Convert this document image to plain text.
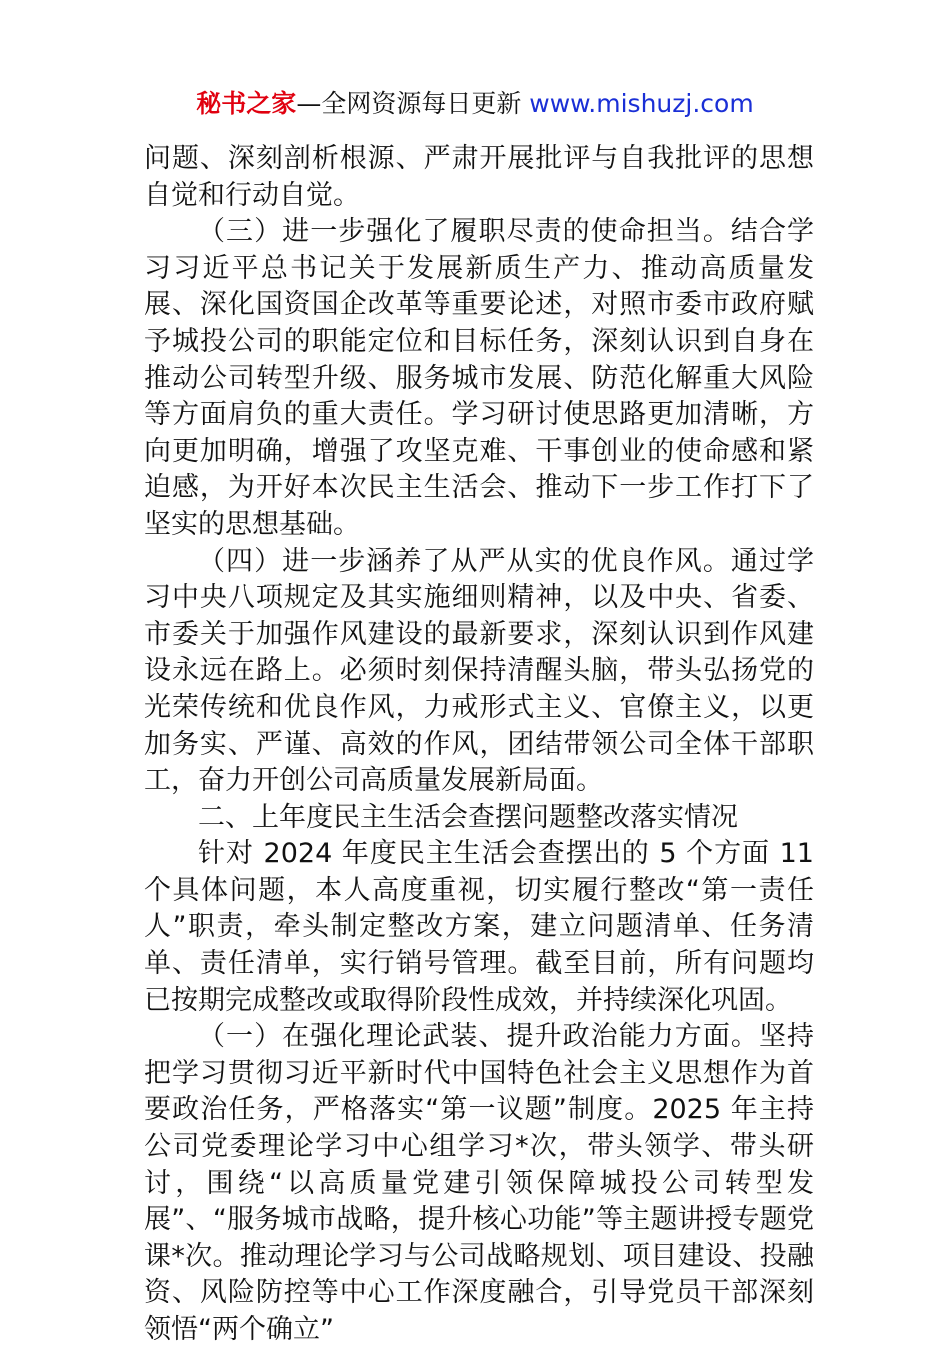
秘书之家—全网资源每日更新 www.mishuzj.com

问题、深刻剖析根源、严肃开展批评与自我批评的思想自觉和行动自觉。

（三）进一步强化了履职尽责的使命担当。结合学习习近平总书记关于发展新质生产力、推动高质量发展、深化国资国企改革等重要论述，对照市委市政府赋予城投公司的职能定位和目标任务，深刻认识到自身在推动公司转型升级、服务城市发展、防范化解重大风险等方面肩负的重大责任。学习研讨使思路更加清晰，方向更加明确，增强了攻坚克难、干事创业的使命感和紧迫感，为开好本次民主生活会、推动下一步工作打下了坚实的思想基础。

（四）进一步涵养了从严从实的优良作风。通过学习中央八项规定及其实施细则精神，以及中央、省委、市委关于加强作风建设的最新要求，深刻认识到作风建设永远在路上。必须时刻保持清醒头脑，带头弘扬党的光荣传统和优良作风，力戒形式主义、官僚主义，以更加务实、严谨、高效的作风，团结带领公司全体干部职工，奋力开创公司高质量发展新局面。

二、上年度民主生活会查摆问题整改落实情况

针对 2024 年度民主生活会查摆出的 5 个方面 11 个具体问题，本人高度重视，切实履行整改“第一责任人”职责，牵头制定整改方案，建立问题清单、任务清单、责任清单，实行销号管理。截至目前，所有问题均已按期完成整改或取得阶段性成效，并持续深化巩固。

（一）在强化理论武装、提升政治能力方面。坚持把学习贯彻习近平新时代中国特色社会主义思想作为首要政治任务，严格落实“第一议题”制度。2025 年主持公司党委理论学习中心组学习*次，带头领学、带头研讨，围绕“以高质量党建引领保障城投公司转型发展”、“服务城市战略，提升核心功能”等主题讲授专题党课*次。推动理论学习与公司战略规划、项目建设、投融资、风险防控等中心工作深度融合，引导党员干部深刻领悟“两个确立”
